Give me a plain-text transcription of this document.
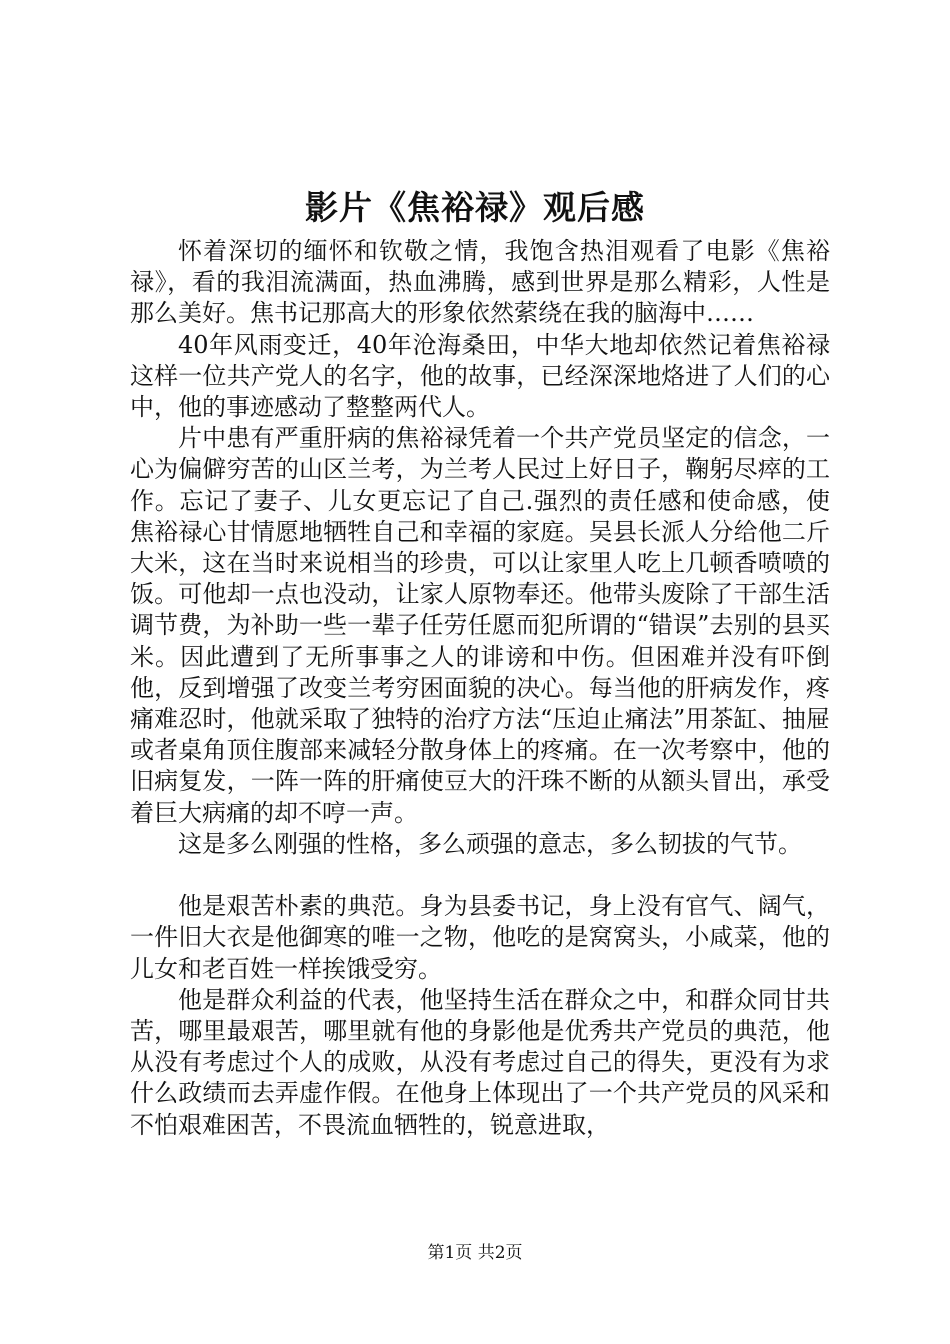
影片《焦裕禄》观后感

怀着深切的缅怀和钦敬之情，我饱含热泪观看了电影《焦裕禄》，看的我泪流满面，热血沸腾，感到世界是那么精彩，人性是那么美好。焦书记那高大的形象依然萦绕在我的脑海中……

40年风雨变迁，40年沧海桑田，中华大地却依然记着焦裕禄这样一位共产党人的名字，他的故事，已经深深地烙进了人们的心中，他的事迹感动了整整两代人。

片中患有严重肝病的焦裕禄凭着一个共产党员坚定的信念，一心为偏僻穷苦的山区兰考，为兰考人民过上好日子，鞠躬尽瘁的工作。忘记了妻子、儿女更忘记了自己.强烈的责任感和使命感，使焦裕禄心甘情愿地牺牲自己和幸福的家庭。吴县长派人分给他二斤大米，这在当时来说相当的珍贵，可以让家里人吃上几顿香喷喷的饭。可他却一点也没动，让家人原物奉还。他带头废除了干部生活调节费，为补助一些一辈子任劳任愿而犯所谓的“错误”去别的县买米。因此遭到了无所事事之人的诽谤和中伤。但困难并没有吓倒他，反到增强了改变兰考穷困面貌的决心。每当他的肝病发作，疼痛难忍时，他就采取了独特的治疗方法“压迫止痛法”用茶缸、抽屉或者桌角顶住腹部来减轻分散身体上的疼痛。在一次考察中，他的旧病复发，一阵一阵的肝痛使豆大的汗珠不断的从额头冒出，承受着巨大病痛的却不哼一声。

这是多么刚强的性格，多么顽强的意志，多么韧拔的气节。

他是艰苦朴素的典范。身为县委书记，身上没有官气、阔气，一件旧大衣是他御寒的唯一之物，他吃的是窝窝头，小咸菜，他的儿女和老百姓一样挨饿受穷。

他是群众利益的代表，他坚持生活在群众之中，和群众同甘共苦，哪里最艰苦，哪里就有他的身影他是优秀共产党员的典范，他从没有考虑过个人的成败，从没有考虑过自己的得失，更没有为求什么政绩而去弄虚作假。在他身上体现出了一个共产党员的风采和不怕艰难困苦，不畏流血牺牲的，锐意进取，

第1页 共2页
